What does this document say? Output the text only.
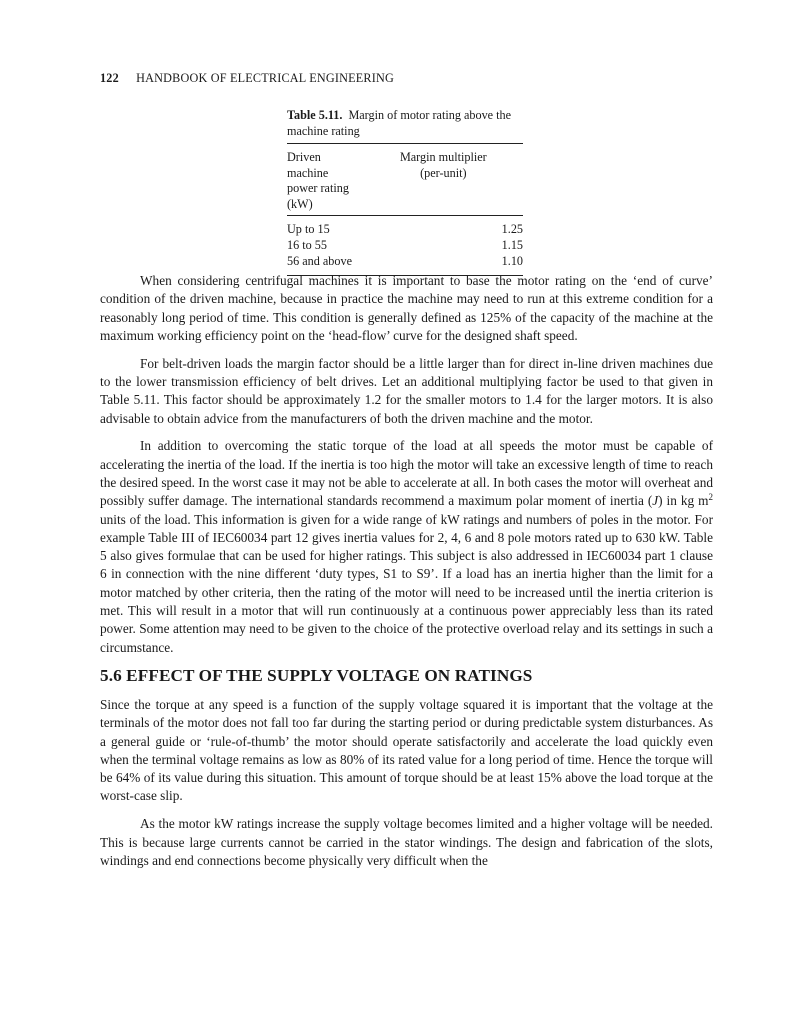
122 HANDBOOK OF ELECTRICAL ENGINEERING
Table 5.11. Margin of motor rating above the machine rating
Driven machine
power rating (kW)	Margin multiplier
(per-unit)
Up to 15	1.25
16 to 55	1.15
56 and above	1.10

When considering centrifugal machines it is important to base the motor rating on the ‘end of curve’ condition of the driven machine, because in practice the machine may need to run at this extreme condition for a reasonably long period of time. This condition is generally defined as 125% of the capacity of the machine at the maximum working efficiency point on the ‘head-flow’ curve for the designed shaft speed.

For belt-driven loads the margin factor should be a little larger than for direct in-line driven machines due to the lower transmission efficiency of belt drives. Let an additional multiplying factor be used to that given in Table 5.11. This factor should be approximately 1.2 for the smaller motors to 1.4 for the larger motors. It is also advisable to obtain advice from the manufacturers of both the driven machine and the motor.

In addition to overcoming the static torque of the load at all speeds the motor must be capable of accelerating the inertia of the load. If the inertia is too high the motor will take an excessive length of time to reach the desired speed. In the worst case it may not be able to accelerate at all. In both cases the motor will overheat and possibly suffer damage. The international standards recommend a maximum polar moment of inertia (J) in kg $m^2$ units of the load. This information is given for a wide range of kW ratings and numbers of poles in the motor. For example Table III of IEC60034 part 12 gives inertia values for 2, 4, 6 and 8 pole motors rated up to 630 kW. Table 5 also gives formulae that can be used for higher ratings. This subject is also addressed in IEC60034 part 1 clause 6 in connection with the nine different ‘duty types, S1 to S9’. If a load has an inertia higher than the limit for a motor matched by other criteria, then the rating of the motor will need to be increased until the inertia criterion is met. This will result in a motor that will run continuously at a continuous power appreciably less than its rated power. Some attention may need to be given to the choice of the protective overload relay and its settings in such a circumstance.

5.6 EFFECT OF THE SUPPLY VOLTAGE ON RATINGS

Since the torque at any speed is a function of the supply voltage squared it is important that the voltage at the terminals of the motor does not fall too far during the starting period or during predictable system disturbances. As a general guide or ‘rule-of-thumb’ the motor should operate satisfactorily and accelerate the load quickly even when the terminal voltage remains as low as 80% of its rated value for a long period of time. Hence the torque will be 64% of its value during this situation. This amount of torque should be at least 15% above the load torque at the worst-case slip.

As the motor kW ratings increase the supply voltage becomes limited and a higher voltage will be needed. This is because large currents cannot be carried in the stator windings. The design and fabrication of the slots, windings and end connections become physically very difficult when the
